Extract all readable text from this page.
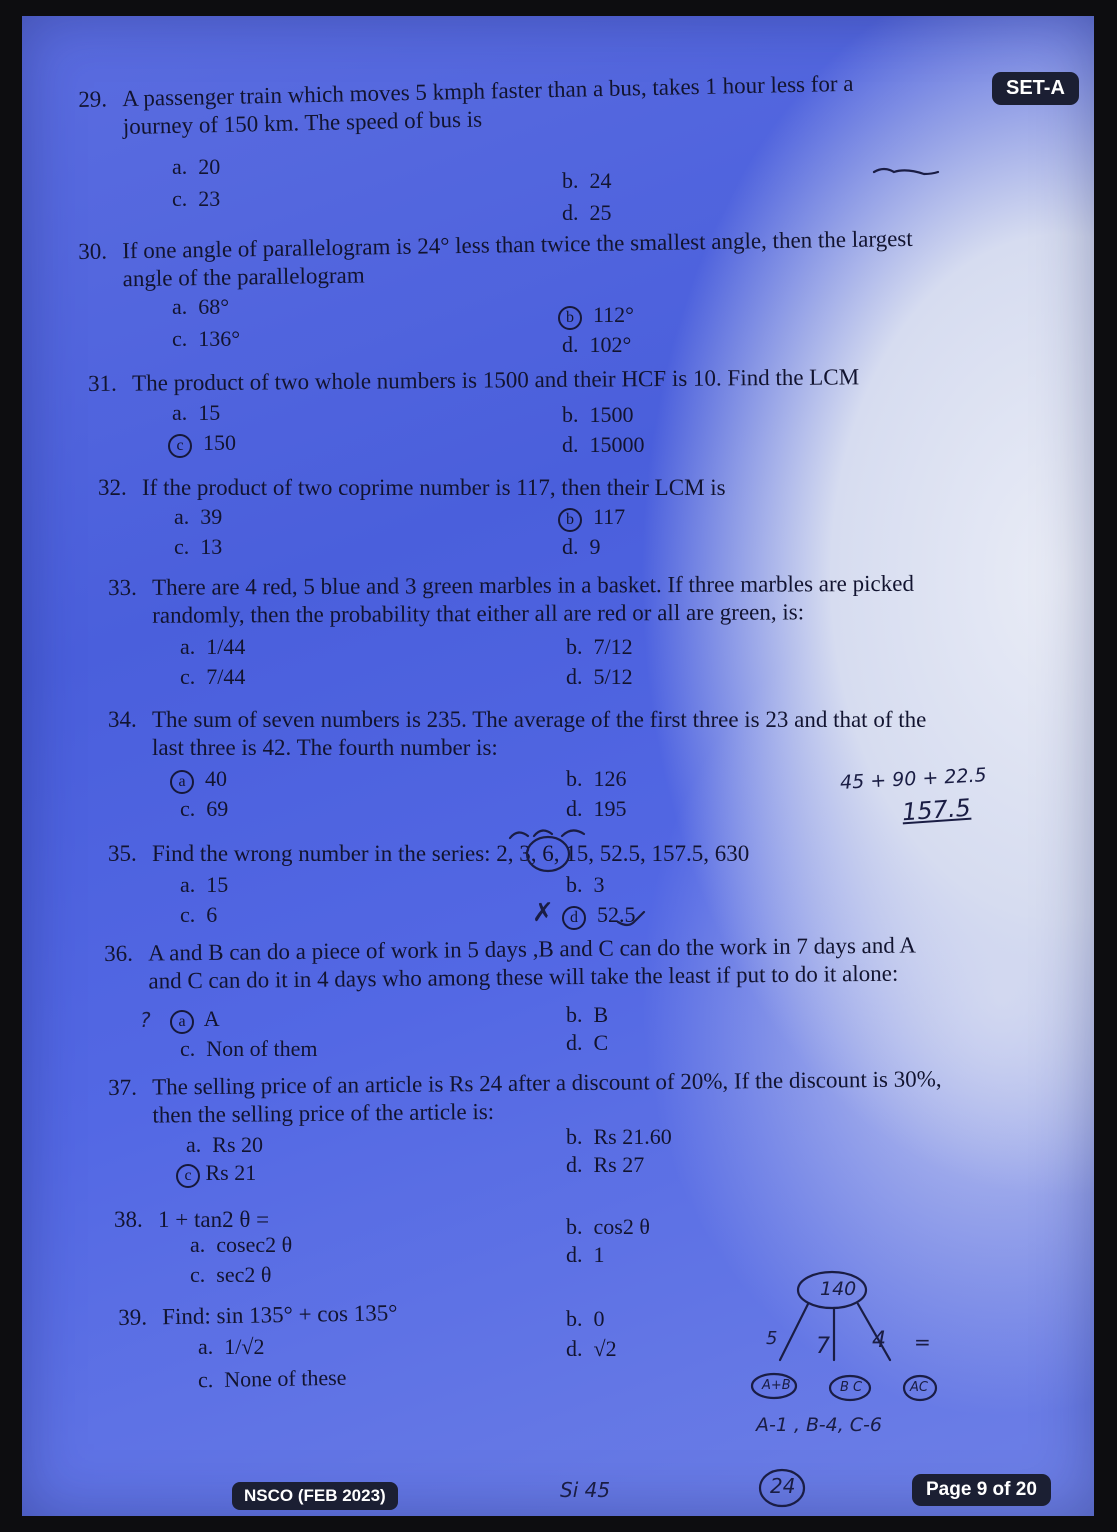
SET-A
29. A passenger train which moves 5 kmph faster than a bus, takes 1 hour less for a
journey of 150 km. The speed of bus is
a.  20
c.  23
b.  24
d.  25
30. If one angle of parallelogram is 24° less than twice the smallest angle, then the largest
angle of the parallelogram
a.  68°
c.  136°
b 112°
d.  102°
31. The product of two whole numbers is 1500 and their HCF is 10. Find the LCM
a.  15
c 150
b.  1500
d.  15000
32. If the product of two coprime number is 117, then their LCM is
a.  39
c.  13
b 117
d.  9
33. There are 4 red, 5 blue and 3 green marbles in a basket. If three marbles are picked
randomly, then the probability that either all are red or all are green, is:
a.  1/44
c.  7/44
b.  7/12
d.  5/12
34. The sum of seven numbers is 235. The average of the first three is 23 and that of the
last three is 42. The fourth number is:
a 40
c.  69
b.  126
d.  195
35. Find the wrong number in the series: 2, 3, 6, 15, 52.5, 157.5, 630
a.  15
c.  6
b.  3
d 52.5
36. A and B can do a piece of work in 5 days ,B and C can do the work in 7 days and A
and C can do it in 4 days who among these will take the least if put to do it alone:
a A
c.  Non of them
b.  B
d.  C
37. The selling price of an article is Rs 24 after a discount of 20%, If the discount is 30%,
then the selling price of the article is:
a.  Rs 20
c Rs 21
b.  Rs 21.60
d.  Rs 27
38. 1 + tan2 θ =
a.  cosec2 θ
c.  sec2 θ
b.  cos2 θ
d.  1
39. Find: sin 135° + cos 135°
a.  1/√2
c.  None of these
b.  0
d.  √2
45 + 90 + 22.5
157.5
✗
?
140
5 7 4 =
A+B	B C	AC
A-1 , B-4, C-6
Si 45	24
NSCO (FEB 2023)	Page 9 of 20
